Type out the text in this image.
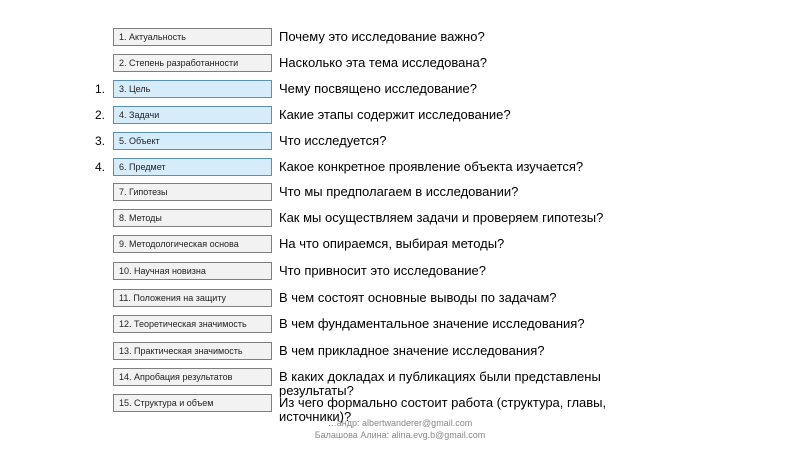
1. Актуальность
2. Степень разработанности
3. Цель
4. Задачи
5. Объект
6. Предмет
7. Гипотезы
8. Методы
9. Методологическая основа
10. Научная новизна
11. Положения на защиту
12. Теоретическая значимость
13. Практическая значимость
14. Апробация результатов
15. Структура и объем
1.
2.
3.
4.
Почему это исследование важно?
Насколько эта тема исследована?
Чему посвящено исследование?
Какие этапы содержит исследование?
Что исследуется?
Какое конкретное проявление объекта изучается?
Что мы предполагаем в исследовании?
Как мы осуществляем задачи и проверяем гипотезы?
На что опираемся, выбирая методы?
Что привносит это исследование?
В чем состоят основные выводы по задачам?
В чем фундаментальное значение исследования?
В чем прикладное значение исследования?
В каких докладах и публикациях были представлены результаты?
Из чего формально состоит работа (структура, главы, источники)?
…андр: albertwanderer@gmail.com
Балашова Алина: alina.evg.b@gmail.com
